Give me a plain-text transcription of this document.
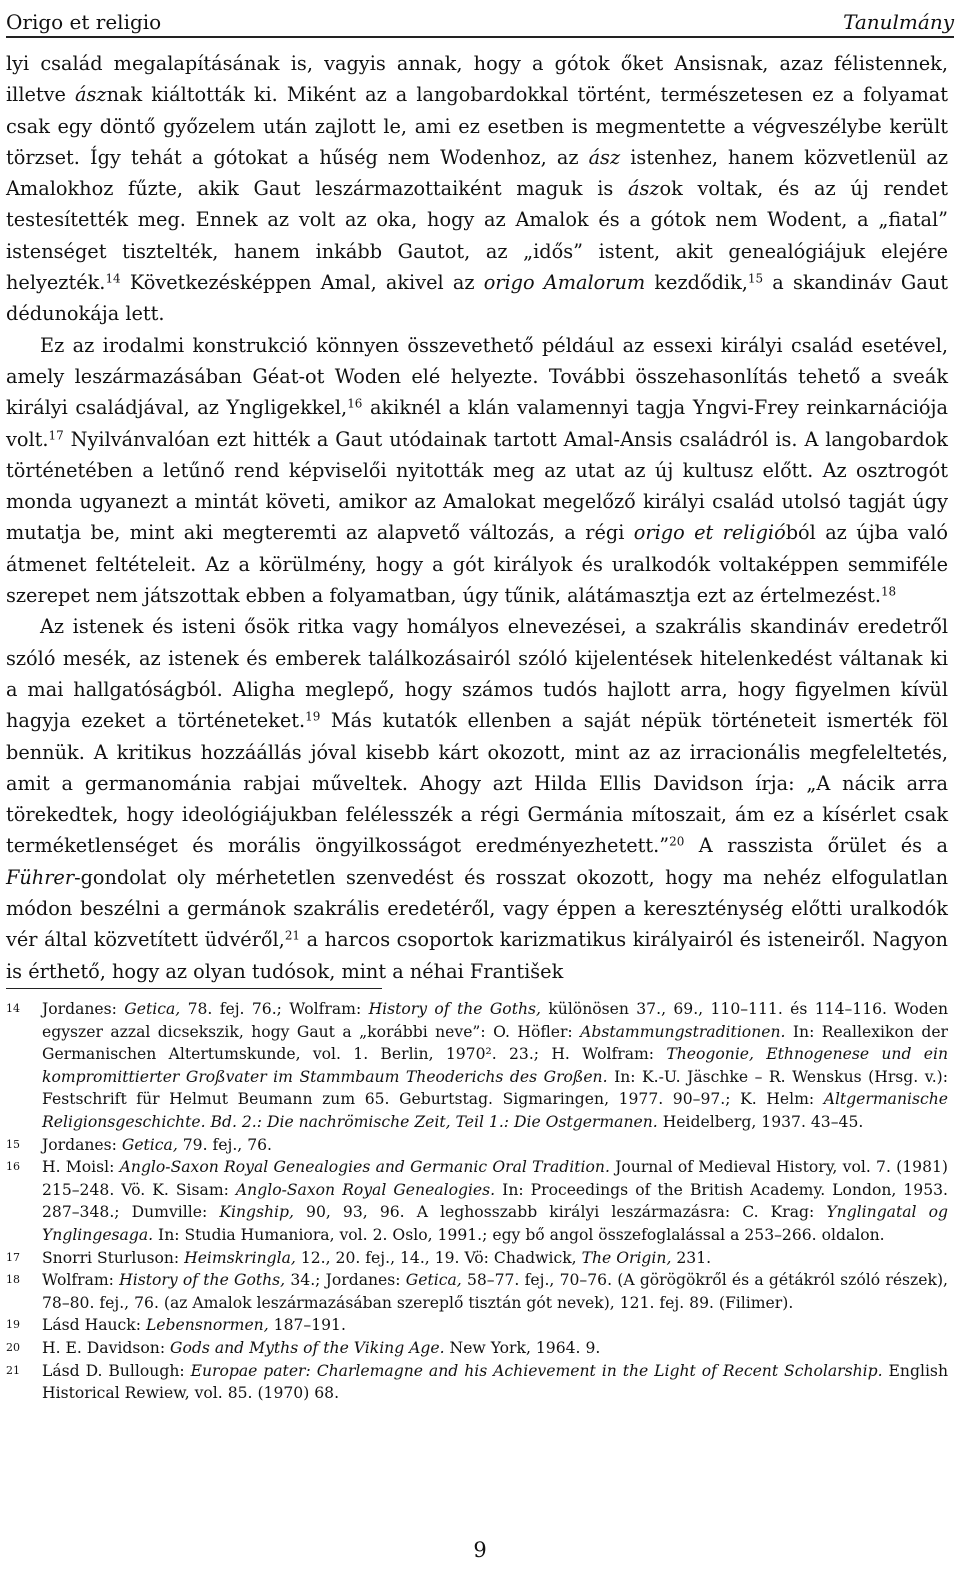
Origo et religio	Tanulmány

lyi család megalapításának is, vagyis annak, hogy a gótok őket Ansisnak, azaz félistennek, illetve ásznak kiáltották ki. Miként az a langobardokkal történt, természetesen ez a folyamat csak egy döntő győzelem után zajlott le, ami ez esetben is megmentette a végveszélybe került törzset. Így tehát a gótokat a hűség nem Wodenhoz, az ász istenhez, hanem közvetlenül az Amalokhoz fűzte, akik Gaut leszármazottaiként maguk is ászok voltak, és az új rendet testesítették meg. Ennek az volt az oka, hogy az Amalok és a gótok nem Wodent, a „fiatal” istenséget tisztelték, hanem inkább Gautot, az „idős” istent, akit genealógiájuk elejére helyezték.$^{14}$ Következésképpen Amal, akivel az origo Amalorum kezdődik,$^{15}$ a skandináv Gaut dédunokája lett.

Ez az irodalmi konstrukció könnyen összevethető például az essexi királyi család esetével, amely leszármazásában Géat-ot Woden elé helyezte. További összehasonlítás tehető a sveák királyi családjával, az Yngligekkel,$^{16}$ akiknél a klán valamennyi tagja Yngvi-Frey reinkarnációja volt.$^{17}$ Nyilvánvalóan ezt hitték a Gaut utódainak tartott Amal-Ansis családról is. A langobardok történetében a letűnő rend képviselői nyitották meg az utat az új kultusz előtt. Az osztrogót monda ugyanezt a mintát követi, amikor az Amalokat megelőző királyi család utolsó tagját úgy mutatja be, mint aki megteremti az alapvető változás, a régi origo et religióból az újba való átmenet feltételeit. Az a körülmény, hogy a gót királyok és uralkodók voltaképpen semmiféle szerepet nem játszottak ebben a folyamatban, úgy tűnik, alátámasztja ezt az értelmezést.$^{18}$

Az istenek és isteni ősök ritka vagy homályos elnevezései, a szakrális skandináv eredetről szóló mesék, az istenek és emberek találkozásairól szóló kijelentések hitelenkedést váltanak ki a mai hallgatóságból. Aligha meglepő, hogy számos tudós hajlott arra, hogy figyelmen kívül hagyja ezeket a történeteket.$^{19}$ Más kutatók ellenben a saját népük történeteit ismerték föl bennük. A kritikus hozzáállás jóval kisebb kárt okozott, mint az az irracionális megfeleltetés, amit a germanománia rabjai műveltek. Ahogy azt Hilda Ellis Davidson írja: „A nácik arra törekedtek, hogy ideológiájukban felélesszék a régi Germánia mítoszait, ám ez a kísérlet csak terméketlenséget és morális öngyilkosságot eredményezhetett.”$^{20}$ A rasszista őrület és a Führer-gondolat oly mérhetetlen szenvedést és rosszat okozott, hogy ma nehéz elfogulatlan módon beszélni a germánok szakrális eredetéről, vagy éppen a kereszténység előtti uralkodók vér által közvetített üdvéről,$^{21}$ a harcos csoportok karizmatikus királyairól és isteneiről. Nagyon is érthető, hogy az olyan tudósok, mint a néhai František

14	Jordanes: Getica, 78. fej. 76.; Wolfram: History of the Goths, különösen 37., 69., 110–111. és 114–116. Woden egyszer azzal dicsekszik, hogy Gaut a „korábbi neve”: O. Höfler: Abstammungstraditionen. In: Reallexikon der Germanischen Altertumskunde, vol. 1. Berlin, 1970². 23.; H. Wolfram: Theogonie, Ethnogenese und ein kompromittierter Großvater im Stammbaum Theoderichs des Großen. In: K.-U. Jäschke – R. Wenskus (Hrsg. v.): Festschrift für Helmut Beumann zum 65. Geburtstag. Sigmaringen, 1977. 90–97.; K. Helm: Altgermanische Religionsgeschichte. Bd. 2.: Die nachrömische Zeit, Teil 1.: Die Ostgermanen. Heidelberg, 1937. 43–45.
15	Jordanes: Getica, 79. fej., 76.
16	H. Moisl: Anglo-Saxon Royal Genealogies and Germanic Oral Tradition. Journal of Medieval History, vol. 7. (1981) 215–248. Vö. K. Sisam: Anglo-Saxon Royal Genealogies. In: Proceedings of the British Academy. London, 1953. 287–348.; Dumville: Kingship, 90, 93, 96. A leghosszabb királyi leszármazásra: C. Krag: Ynglingatal og Ynglingesaga. In: Studia Humaniora, vol. 2. Oslo, 1991.; egy bő angol összefoglalással a 253–266. oldalon.
17	Snorri Sturluson: Heimskringla, 12., 20. fej., 14., 19. Vö: Chadwick, The Origin, 231.
18	Wolfram: History of the Goths, 34.; Jordanes: Getica, 58–77. fej., 70–76. (A görögökről és a gétákról szóló részek), 78–80. fej., 76. (az Amalok leszármazásában szereplő tisztán gót nevek), 121. fej. 89. (Filimer).
19	Lásd Hauck: Lebensnormen, 187–191.
20	H. E. Davidson: Gods and Myths of the Viking Age. New York, 1964. 9.
21	Lásd D. Bullough: Europae pater: Charlemagne and his Achievement in the Light of Recent Scholarship. English Historical Rewiew, vol. 85. (1970) 68.
9
